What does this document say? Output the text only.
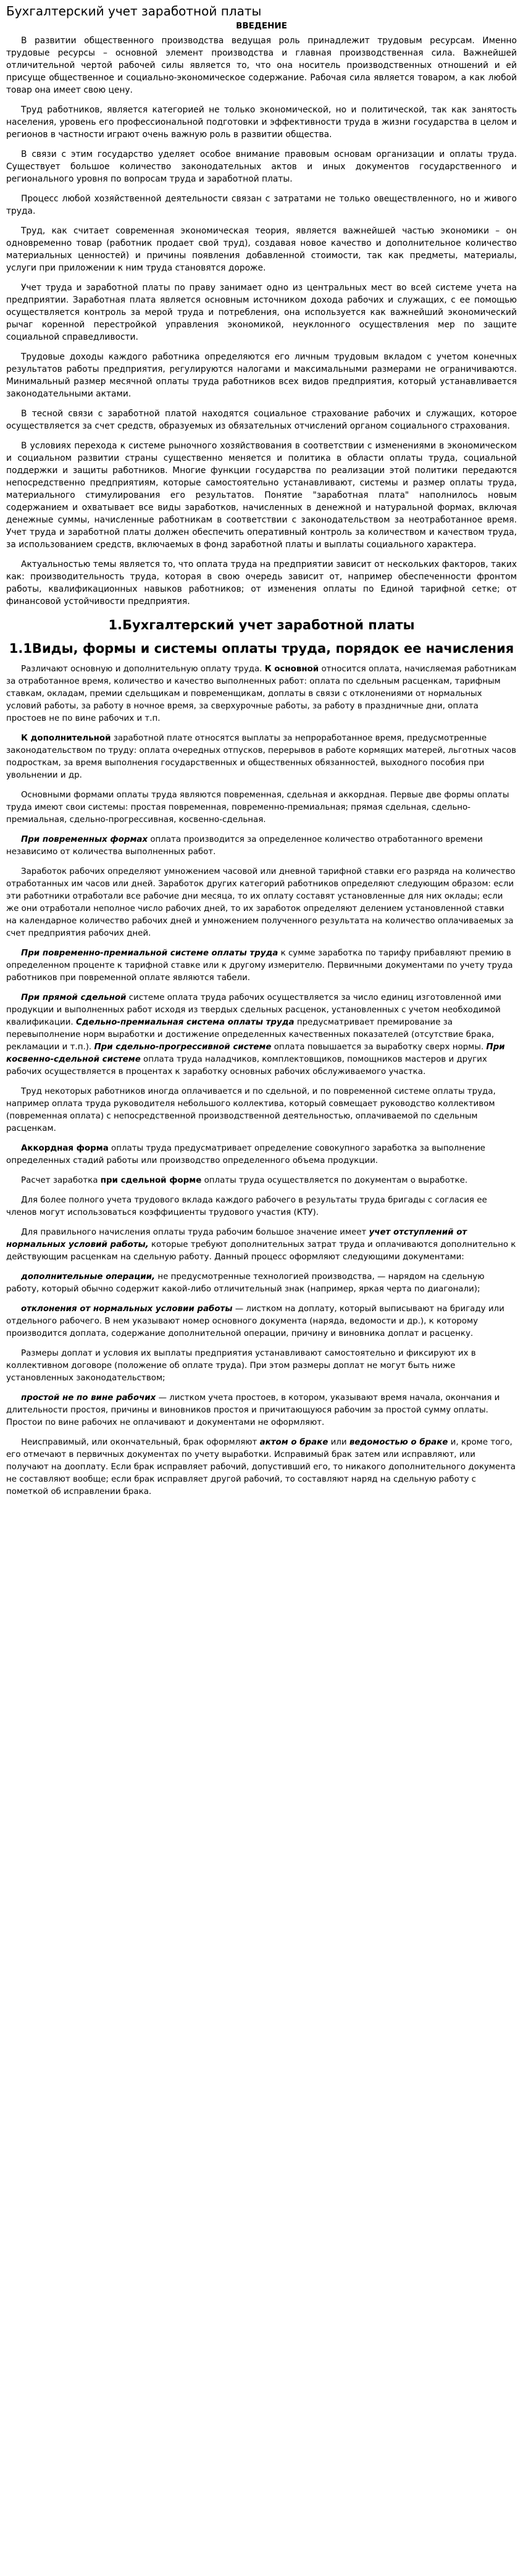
Бухгалтерский учет заработной платы
ВВЕДЕНИЕ

В развитии общественного производства ведущая роль принадлежит трудовым ресурсам. Именно трудовые ресурсы – основной элемент производства и главная производственная сила. Важнейшей отличительной чертой рабочей силы является то, что она носитель производственных отношений и ей присуще общественное и социально-экономическое содержание. Рабочая сила является товаром, а как любой товар она имеет свою цену.

Труд работников, является категорией не только экономической, но и политической, так как занятость населения, уровень его профессиональной подготовки и эффективности труда в жизни государства в целом и регионов в частности играют очень важную роль в развитии общества.

В связи с этим государство уделяет особое внимание правовым основам организации и оплаты труда. Существует большое количество законодательных актов и иных документов государственного и регионального уровня по вопросам труда и заработной платы.

Процесс любой хозяйственной деятельности связан с затратами не только овеществленного, но и живого труда.

Труд, как считает современная экономическая теория, является важнейшей частью экономики – он одновременно товар (работник продает свой труд), создавая новое качество и дополнительное количество материальных ценностей) и причины появления добавленной стоимости, так как предметы, материалы, услуги при приложении к ним труда становятся дороже.

Учет труда и заработной платы по праву занимает одно из центральных мест во всей системе учета на предприятии. Заработная плата является основным источником дохода рабочих и служащих, с ее помощью осуществляется контроль за мерой труда и потребления, она используется как важнейший экономический рычаг коренной перестройкой управления экономикой, неуклонного осуществления мер по защите социальной справедливости.

Трудовые доходы каждого работника определяются его личным трудовым вкладом с учетом конечных результатов работы предприятия, регулируются налогами и максимальными размерами не ограничиваются. Минимальный размер месячной оплаты труда работников всех видов предприятия, который устанавливается законодательными актами.

В тесной связи с заработной платой находятся социальное страхование рабочих и служащих, которое осуществляется за счет средств, образуемых из обязательных отчислений органом социального страхования.

В условиях перехода к системе рыночного хозяйствования в соответствии с изменениями в экономическом и социальном развитии страны существенно меняется и политика в области оплаты труда, социальной поддержки и защиты работников. Многие функции государства по реализации этой политики передаются непосредственно предприятиям, которые самостоятельно устанавливают, системы и размер оплаты труда, материального стимулирования его результатов. Понятие "заработная плата" наполнилось новым содержанием и охватывает все виды заработков, начисленных в денежной и натуральной формах, включая денежные суммы, начисленные работникам в соответствии с законодательством за неотработанное время. Учет труда и заработной платы должен обеспечить оперативный контроль за количеством и качеством труда, за использованием средств, включаемых в фонд заработной платы и выплаты социального характера.

Актуальностью темы является то, что оплата труда на предприятии зависит от нескольких факторов, таких как: производительность труда, которая в свою очередь зависит от, например обеспеченности фронтом работы, квалификационных навыков работников; от изменения оплаты по Единой тарифной сетке; от финансовой устойчивости предприятия.

1.Бухгалтерский учет заработной платы
1.1Виды, формы и системы оплаты труда, порядок ее начисления

Различают основную и дополнительную оплату труда. К основной относится оплата, начисляемая работникам за отработанное время, количество и качество выполненных работ: оплата по сдельным расценкам, тарифным ставкам, окладам, премии сдельщикам и повременщикам, доплаты в связи с отклонениями от нормальных условий работы, за работу в ночное время, за сверхурочные работы, за работу в праздничные дни, оплата простоев не по вине рабочих и т.п.

К дополнительной заработной плате относятся выплаты за непроработанное время, предусмотренные законодательством по труду: оплата очередных отпусков, перерывов в работе кормящих матерей, льготных часов подросткам, за время выполнения государственных и общественных обязанностей, выходного пособия при увольнении и др.

Основными формами оплаты труда являются повременная, сдельная и аккордная. Первые две формы оплаты труда имеют свои системы: простая повременная, повременно-премиальная; прямая сдельная, сдельно-премиальная, сдельно-прогрессивная, косвенно-сдельная.

При повременных формах оплата производится за определенное количество отработанного времени независимо от количества выполненных работ.

Заработок рабочих определяют умножением часовой или дневной тарифной ставки его разряда на количество отработанных им часов или дней. Заработок других категорий работников определяют следующим образом: если эти работники отработали все рабочие дни месяца, то их оплату составят установленные для них оклады; если же они отработали неполное число рабочих дней, то их заработок определяют делением установленной ставки на календарное количество рабочих дней и умножением полученного результата на количество оплачиваемых за счет предприятия рабочих дней.

При повременно-премиальной системе оплаты труда к сумме заработка по тарифу прибавляют премию в определенном проценте к тарифной ставке или к другому измерителю. Первичными документами по учету труда работников при повременной оплате являются табели.

При прямой сдельной системе оплата труда рабочих осуществляется за число единиц изготовленной ими продукции и выполненных работ исходя из твердых сдельных расценок, установленных с учетом необходимой квалификации. Сдельно-премиальная система оплаты труда предусматривает премирование за перевыполнение норм выработки и достижение определенных качественных показателей (отсутствие брака, рекламации и т.п.). При сдельно-прогрессивной системе оплата повышается за выработку сверх нормы. При косвенно-сдельной системе оплата труда наладчиков, комплектовщиков, помощников мастеров и других рабочих осуществляется в процентах к заработку основных рабочих обслуживаемого участка.

Труд некоторых работников иногда оплачивается и по сдельной, и по повременной системе оплаты труда, например оплата труда руководителя небольшого коллектива, который совмещает руководство коллективом (повременная оплата) с непосредственной производственной деятельностью, оплачиваемой по сдельным расценкам.

Аккордная форма оплаты труда предусматривает определение совокупного заработка за выполнение определенных стадий работы или производство определенного объема продукции.

Расчет заработка при сдельной форме оплаты труда осуществляется по документам о выработке.

Для более полного учета трудового вклада каждого рабочего в результаты труда бригады с согласия ее членов могут использоваться коэффициенты трудового участия (КТУ).

Для правильного начисления оплаты труда рабочим большое значение имеет учет отступлений от нормальных условий работы, которые требуют дополнительных затрат труда и оплачиваются дополнительно к действующим расценкам на сдельную работу. Данный процесс оформляют следующими документами:

дополнительные операции, не предусмотренные технологией производства, — нарядом на сдельную работу, который обычно содержит какой-либо отличительный знак (например, яркая черта по диагонали);

отклонения от нормальных условии работы — листком на доплату, который выписывают на бригаду или отдельного рабочего. В нем указывают номер основного документа (наряда, ведомости и др.), к которому производится доплата, содержание дополнительной операции, причину и виновника доплат и расценку.

Размеры доплат и условия их выплаты предприятия устанавливают самостоятельно и фиксируют их в коллективном договоре (положение об оплате труда). При этом размеры доплат не могут быть ниже установленных законодательством;

простой не по вине рабочих — листком учета простоев, в котором, указывают время начала, окончания и длительности простоя, причины и виновников простоя и причитающуюся рабочим за простой сумму оплаты. Простои по вине рабочих не оплачивают и документами не оформляют.

Неисправимый, или окончательный, брак оформляют актом о браке или ведомостью о браке и, кроме того, его отмечают в первичных документах по учету выработки. Исправимый брак затем или исправляют, или получают на дооплату. Если брак исправляет рабочий, допустивший его, то никакого дополнительного документа не составляют вообще; если брак исправляет другой рабочий, то составляют наряд на сдельную работу с пометкой об исправлении брака.
